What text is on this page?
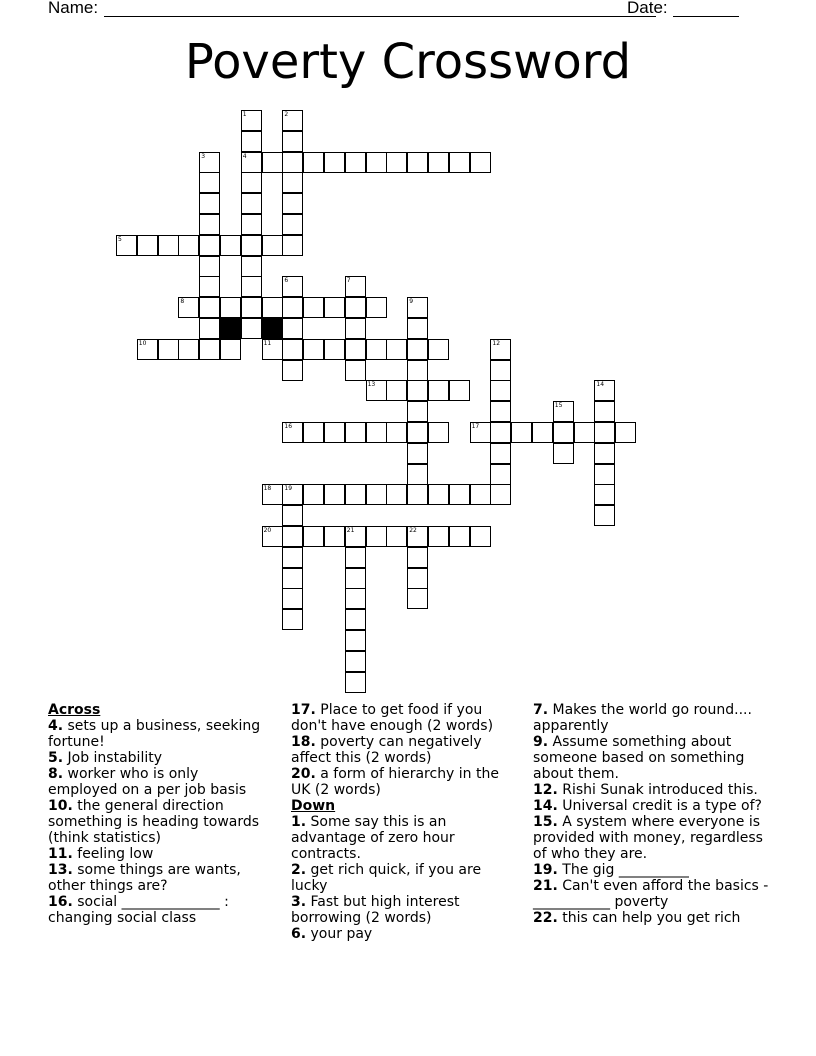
Name:	Date:
Poverty Crossword
4
5
8
10	11
13
16	17
18 19
20	21	22
1	2
3
6	7
9
12
14
15
Across
4. sets up a business, seeking fortune!
5. Job instability
8. worker who is only employed on a per job basis
10. the general direction something is heading towards (think statistics)
11. feeling low
13. some things are wants, other things are?
16. social ______________ : changing social class
17. Place to get food if you don't have enough (2 words)
18. poverty can negatively affect this (2 words)
20. a form of hierarchy in the UK (2 words)
Down
1. Some say this is an advantage of zero hour contracts.
2. get rich quick, if you are lucky
3. Fast but high interest borrowing (2 words)
6. your pay
7. Makes the world go round.... apparently
9. Assume something about someone based on something about them.
12. Rishi Sunak introduced this.
14. Universal credit is a type of?
15. A system where everyone is provided with money, regardless of who they are.
19. The gig __________
21. Can't even afford the basics - ___________ poverty
22. this can help you get rich
